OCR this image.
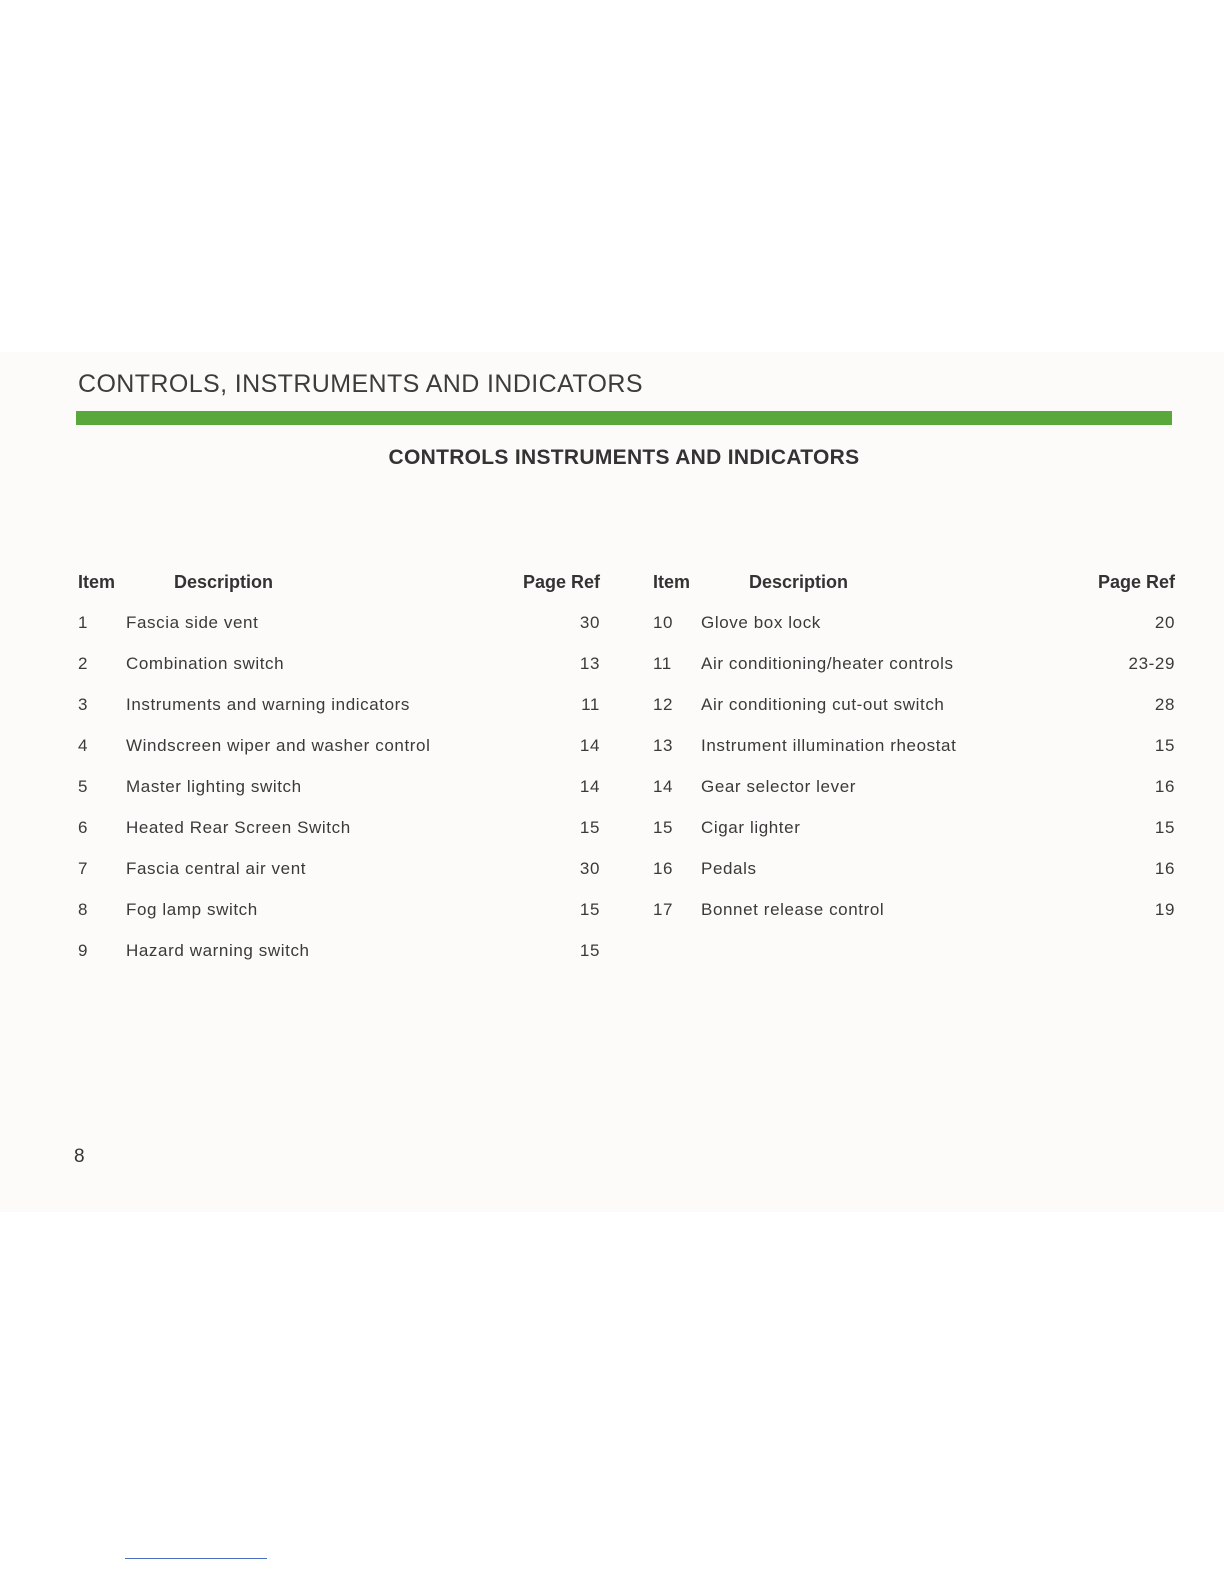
CONTROLS, INSTRUMENTS AND INDICATORS
CONTROLS INSTRUMENTS AND INDICATORS
Item	Description	Page Ref
1 Fascia side vent	30
2 Combination switch	13
3 Instruments and warning indicators	11
4 Windscreen wiper and washer control	14
5 Master lighting switch	14
6 Heated Rear Screen Switch	15
7 Fascia central air vent	30
8 Fog lamp switch	15
9 Hazard warning switch	15
Item	Description	Page Ref
10 Glove box lock	20
11 Air conditioning/heater controls	23-29
12 Air conditioning cut-out switch	28
13 Instrument illumination rheostat	15
14 Gear selector lever	16
15 Cigar lighter	15
16 Pedals	16
17 Bonnet release control	19
8
